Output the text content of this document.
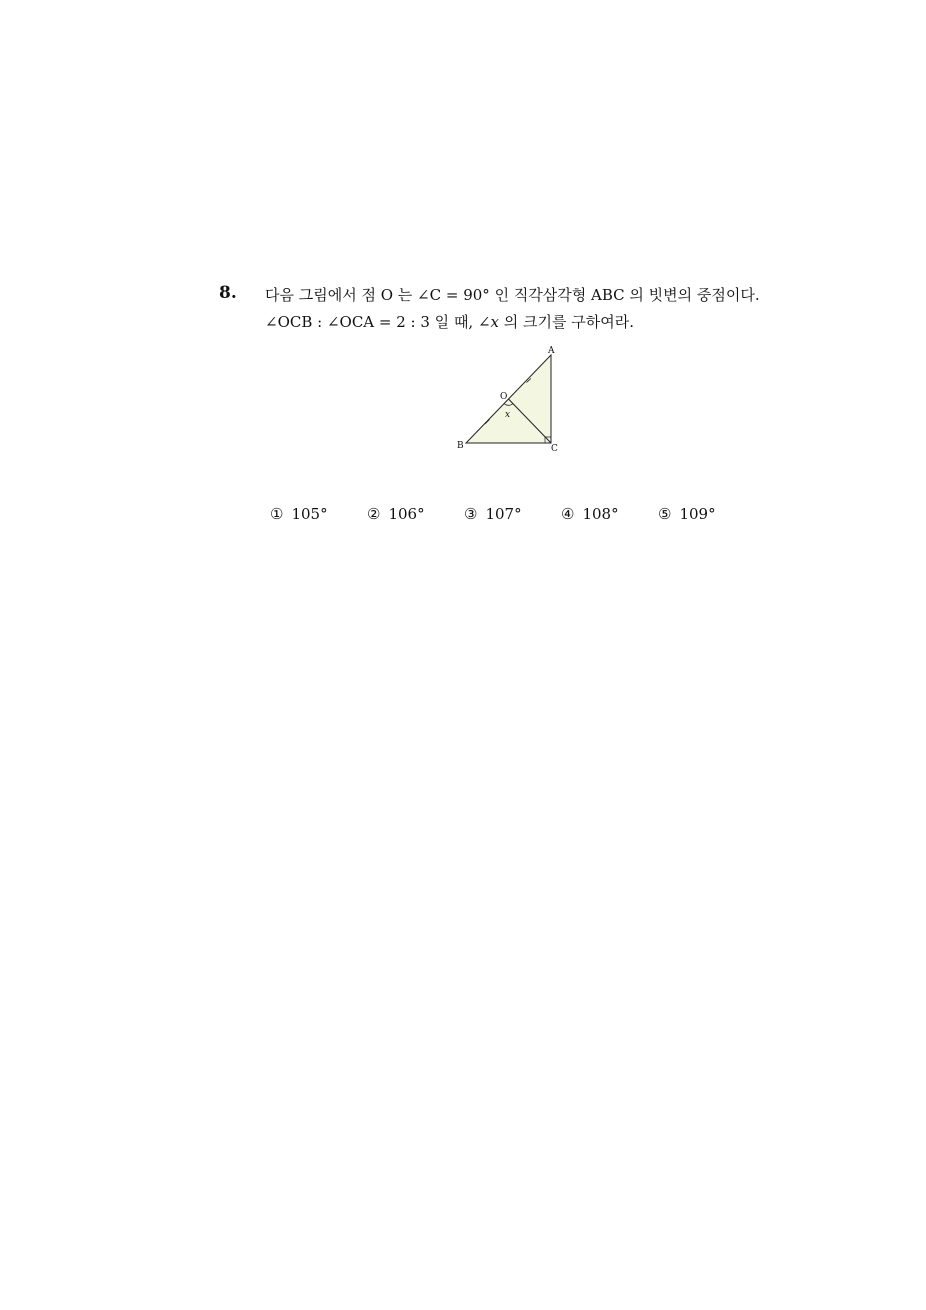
8. 다음 그림에서 점 O 는 ∠C = 90° 인 직각삼각형 ABC 의 빗변의 중점이다.
∠OCB : ∠OCA = 2 : 3 일 때, ∠x 의 크기를 구하여라.
A
B	C
O
x
① 105°	② 106°	③ 107°	④ 108°	⑤ 109°
